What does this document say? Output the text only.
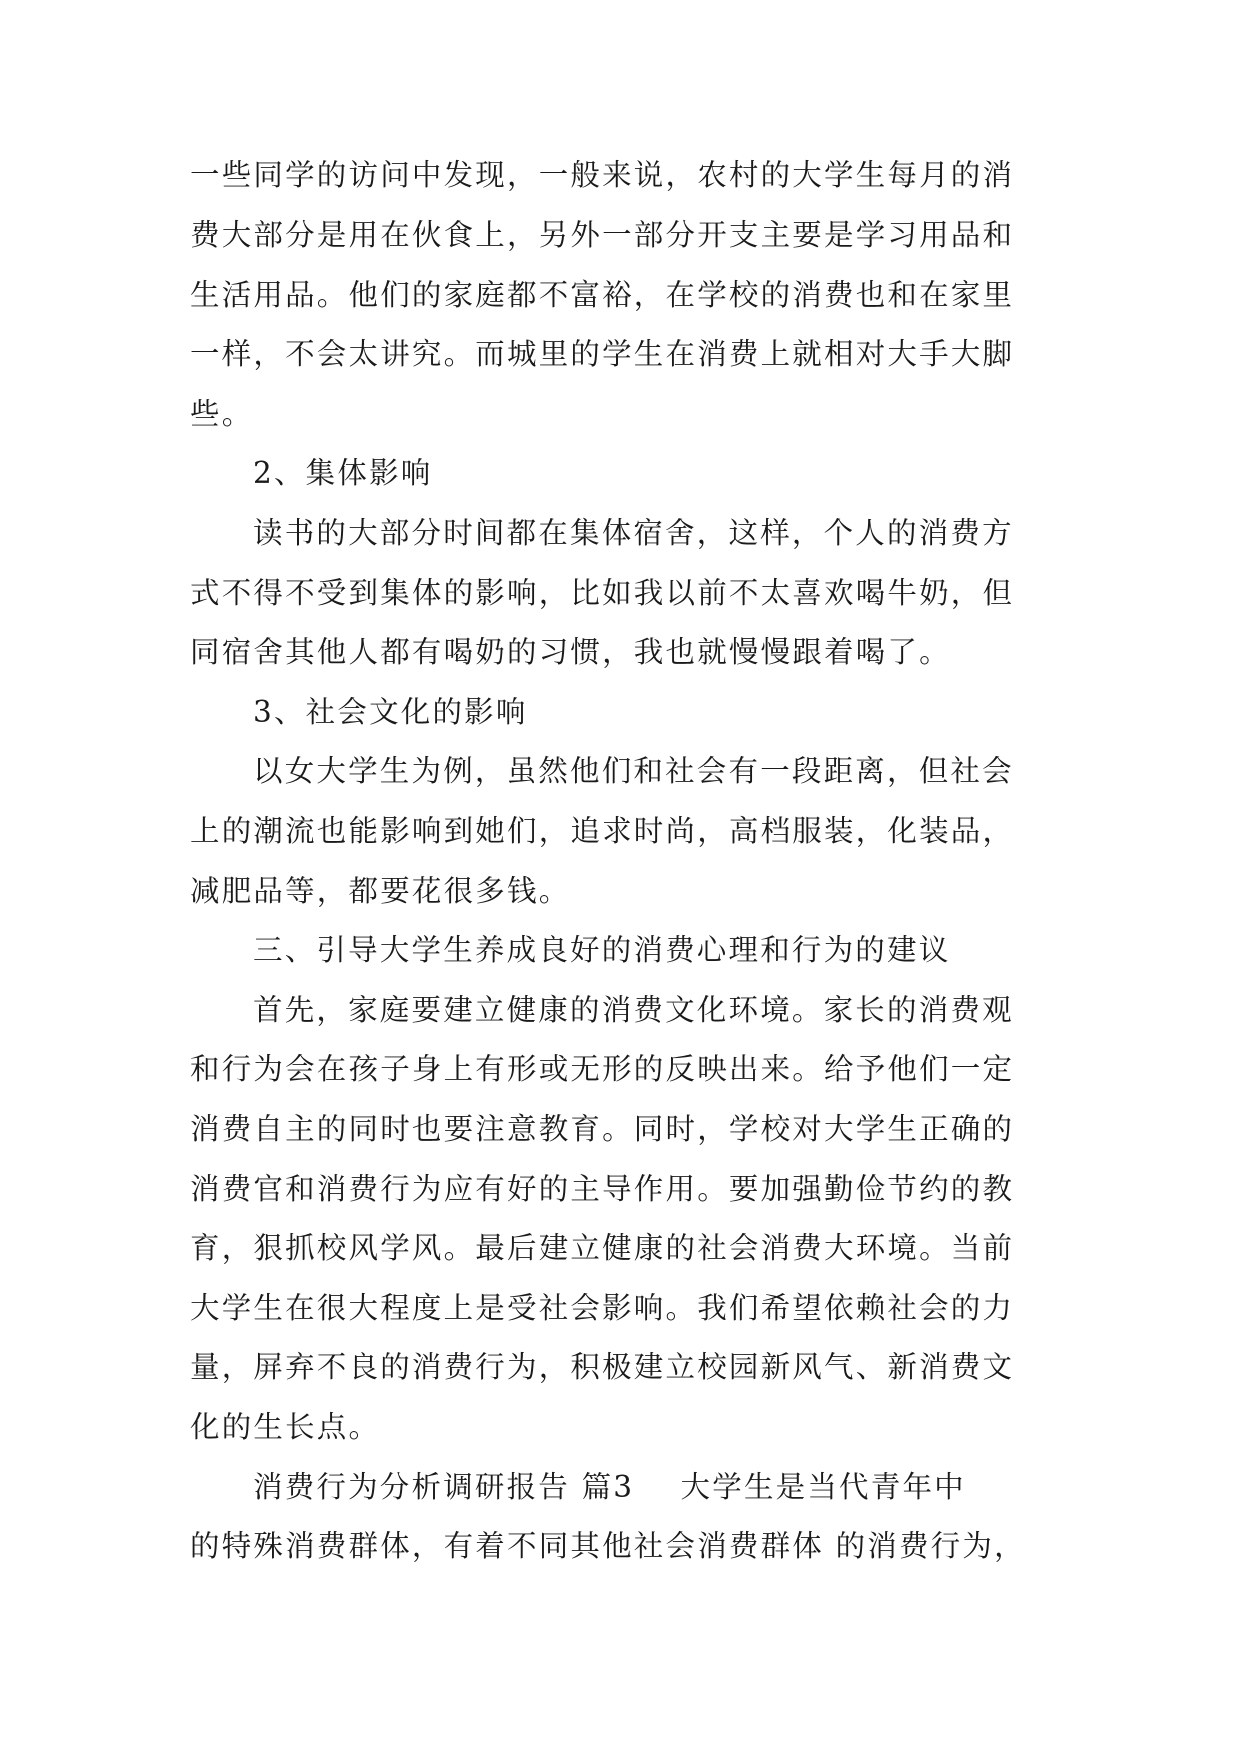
一些同学的访问中发现，一般来说，农村的大学生每月的消

费大部分是用在伙食上，另外一部分开支主要是学习用品和

生活用品。他们的家庭都不富裕，在学校的消费也和在家里

一样，不会太讲究。而城里的学生在消费上就相对大手大脚

些。

2、集体影响

读书的大部分时间都在集体宿舍，这样，个人的消费方

式不得不受到集体的影响，比如我以前不太喜欢喝牛奶，但

同宿舍其他人都有喝奶的习惯，我也就慢慢跟着喝了。

3、社会文化的影响

以女大学生为例，虽然他们和社会有一段距离，但社会

上的潮流也能影响到她们，追求时尚，高档服装，化装品，

减肥品等，都要花很多钱。

三、引导大学生养成良好的消费心理和行为的建议

首先，家庭要建立健康的消费文化环境。家长的消费观

和行为会在孩子身上有形或无形的反映出来。给予他们一定

消费自主的同时也要注意教育。同时，学校对大学生正确的

消费官和消费行为应有好的主导作用。要加强勤俭节约的教

育，狠抓校风学风。最后建立健康的社会消费大环境。当前

大学生在很大程度上是受社会影响。我们希望依赖社会的力

量，屏弃不良的消费行为，积极建立校园新风气、新消费文

化的生长点。

消费行为分析调研报告 篇3    大学生是当代青年中

的特殊消费群体，有着不同其他社会消费群体 的消费行为，
